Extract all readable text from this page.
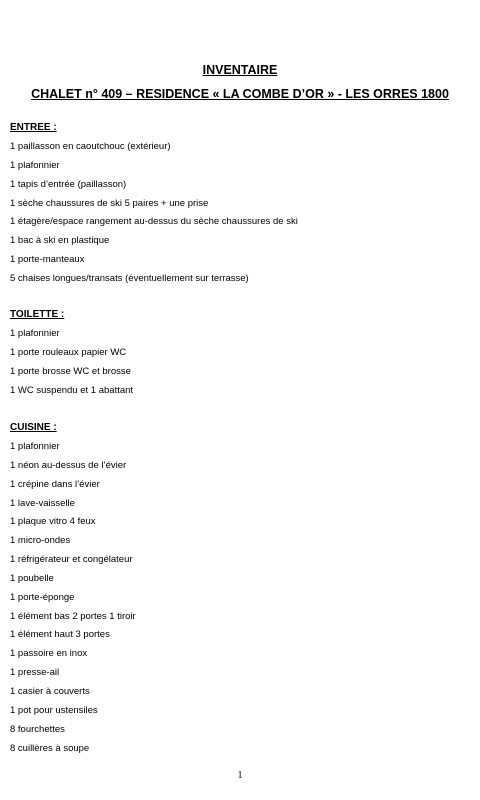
INVENTAIRE
CHALET n° 409 – RESIDENCE « LA COMBE D’OR » - LES ORRES 1800
ENTREE :
1 paillasson en caoutchouc (extérieur)
1 plafonnier
1 tapis d’entrée (paillasson)
1 sèche chaussures de ski 5 paires + une prise
1 étagère/espace rangement au-dessus du sèche chaussures de ski
1 bac à ski en plastique
1 porte-manteaux
5 chaises longues/transats (éventuellement sur terrasse)
TOILETTE :
1 plafonnier
1 porte rouleaux papier WC
1 porte brosse WC et brosse
1 WC suspendu et 1 abattant
CUISINE :
1 plafonnier
1 néon au-dessus de l’évier
1 crépine dans l’évier
1 lave-vaisselle
1 plaque vitro 4 feux
1 micro-ondes
1 réfrigérateur et congélateur
1 poubelle
1 porte-éponge
1 élément bas 2 portes 1 tiroir
1 élément haut 3 portes
1 passoire en inox
1 presse-ail
1 casier à couverts
1 pot pour ustensiles
8 fourchettes
8 cuillères à soupe
1
